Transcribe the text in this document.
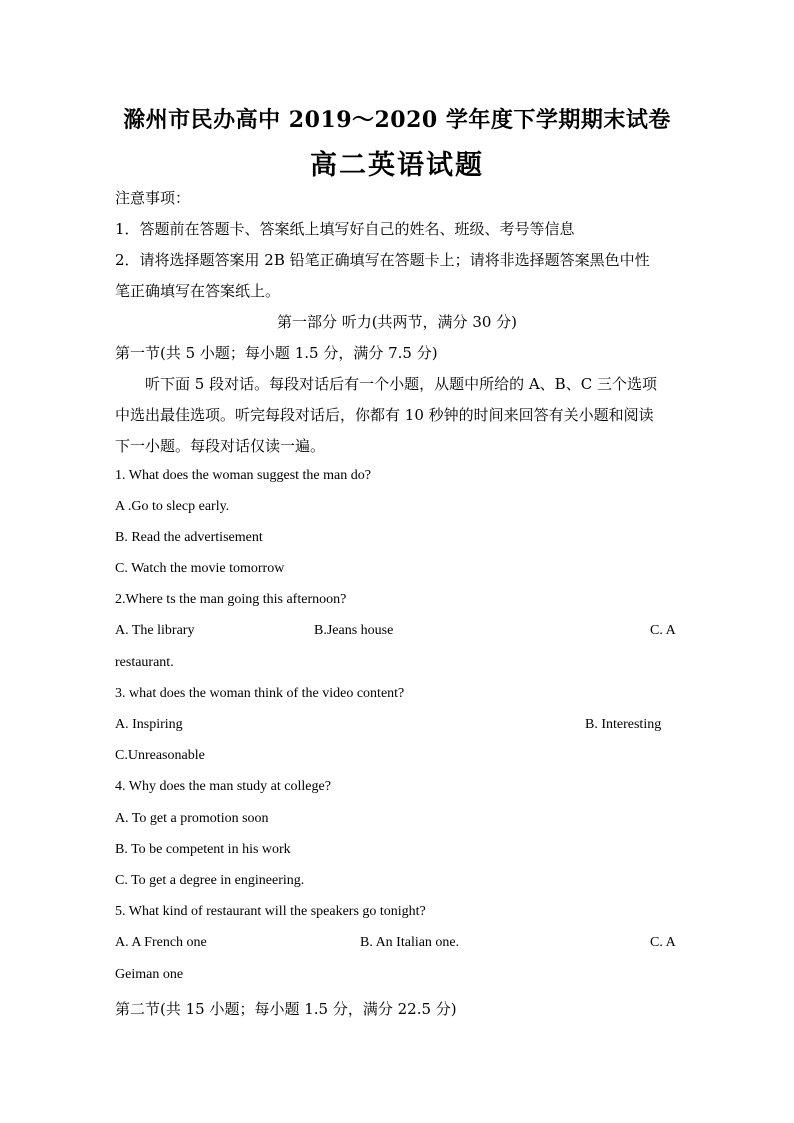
滁州市民办高中 2019～2020 学年度下学期期末试卷
高二英语试题
注意事项：
1．答题前在答题卡、答案纸上填写好自己的姓名、班级、考号等信息
2．请将选择题答案用 2B 铅笔正确填写在答题卡上；请将非选择题答案黑色中性
笔正确填写在答案纸上。
第一部分 听力(共两节，满分 30 分)
第一节(共 5 小题；每小题 1.5 分，满分 7.5 分)
听下面 5 段对话。每段对话后有一个小题，从题中所给的 A、B、C 三个选项
中选出最佳选项。听完每段对话后，你都有 10 秒钟的时间来回答有关小题和阅读
下一小题。每段对话仅读一遍。
1. What does the woman suggest the man do?
A .Go to slecp early.
B. Read the advertisement
C. Watch the movie tomorrow
2.Where ts the man going this afternoon?
A. The library	B.Jeans house	C. A
restaurant.
3. what does the woman think of the video content?
A. Inspiring	B. Interesting
C.Unreasonable
4. Why does the man study at college?
A. To get a promotion soon
B. To be competent in his work
C. To get a degree in engineering.
5. What kind of restaurant will the speakers go tonight?
A. A French one	B. An Italian one.	C. A
Geiman one
第二节(共 15 小题；每小题 1.5 分，满分 22.5 分)
